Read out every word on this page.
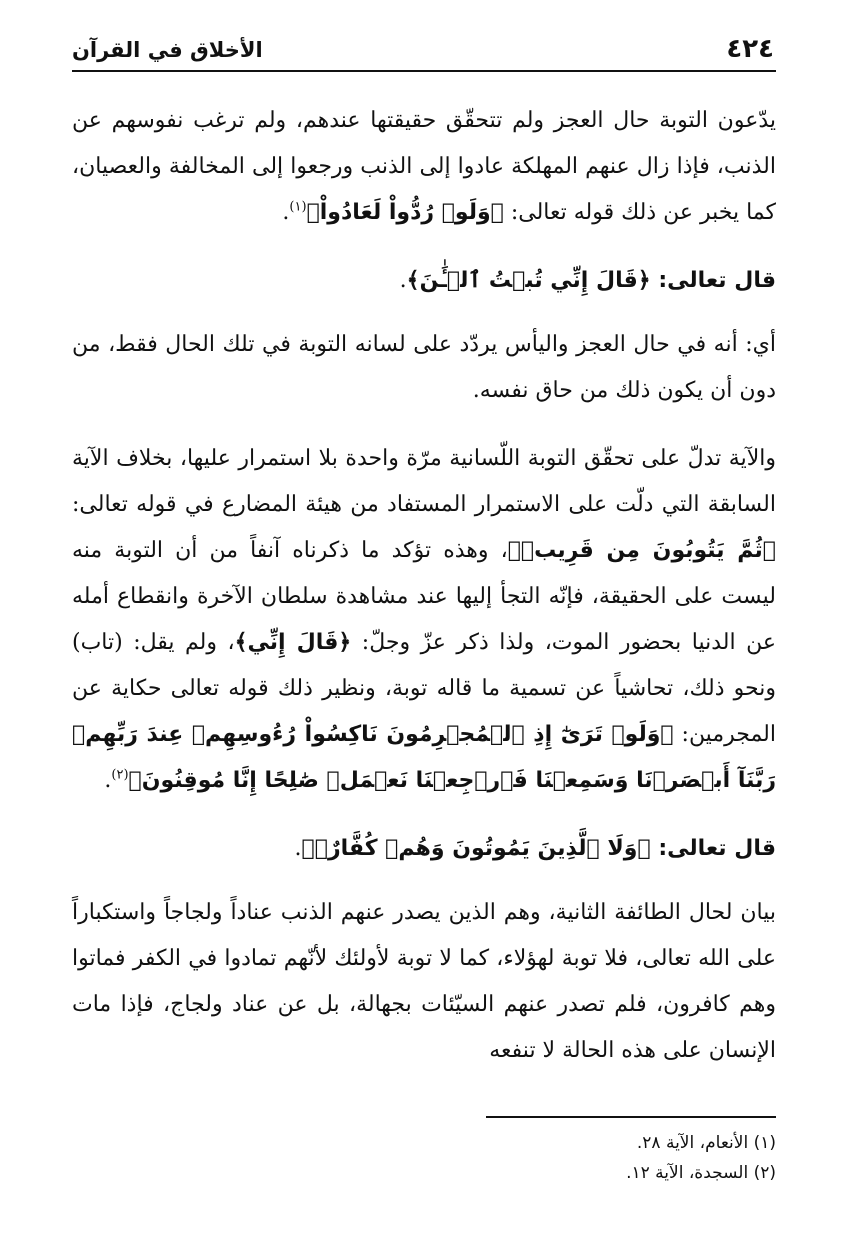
٤٢٤
الأخلاق في القرآن

يدّعون التوبة حال العجز ولم تتحقّق حقيقتها عندهم، ولم ترغب نفوسهم عن الذنب، فإذا زال عنهم المهلكة عادوا إلى الذنب ورجعوا إلى المخالفة والعصيان، كما يخبر عن ذلك قوله تعالى: ﴿وَلَوۡ رُدُّواْ لَعَادُواْ﴾$^{(١)}$.

قال تعالى: ﴿قَالَ إِنِّي تُبۡتُ ٱلۡـَٰٔنَ﴾.

أي: أنه في حال العجز واليأس يردّد على لسانه التوبة في تلك الحال فقط، من دون أن يكون ذلك من حاق نفسه.

والآية تدلّ على تحقّق التوبة اللّسانية مرّة واحدة بلا استمرار عليها، بخلاف الآية السابقة التي دلّت على الاستمرار المستفاد من هيئة المضارع في قوله تعالى: ﴿ثُمَّ يَتُوبُونَ مِن قَرِيبٖ﴾، وهذه تؤكد ما ذكرناه آنفاً من أن التوبة منه ليست على الحقيقة، فإنّه التجأ إليها عند مشاهدة سلطان الآخرة وانقطاع أمله عن الدنيا بحضور الموت، ولذا ذكر عزّ وجلّ: ﴿قَالَ إِنِّي﴾، ولم يقل: (تاب) ونحو ذلك، تحاشياً عن تسمية ما قاله توبة، ونظير ذلك قوله تعالى حكاية عن المجرمين: ﴿وَلَوۡ تَرَىٰٓ إِذِ ٱلۡمُجۡرِمُونَ نَاكِسُواْ رُءُوسِهِمۡ عِندَ رَبِّهِمۡ رَبَّنَآ أَبۡصَرۡنَا وَسَمِعۡنَا فَٱرۡجِعۡنَا نَعۡمَلۡ صَٰلِحًا إِنَّا مُوقِنُونَ﴾$^{(٢)}$.

قال تعالى: ﴿وَلَا ٱلَّذِينَ يَمُوتُونَ وَهُمۡ كُفَّارٌۚ﴾.

بيان لحال الطائفة الثانية، وهم الذين يصدر عنهم الذنب عناداً ولجاجاً واستكباراً على الله تعالى، فلا توبة لهؤلاء، كما لا توبة لأولئك لأنّهم تمادوا في الكفر فماتوا وهم كافرون، فلم تصدر عنهم السيّئات بجهالة، بل عن عناد ولجاج، فإذا مات الإنسان على هذه الحالة لا تنفعه

(١) الأنعام، الآية ٢٨.

(٢) السجدة، الآية ١٢.
